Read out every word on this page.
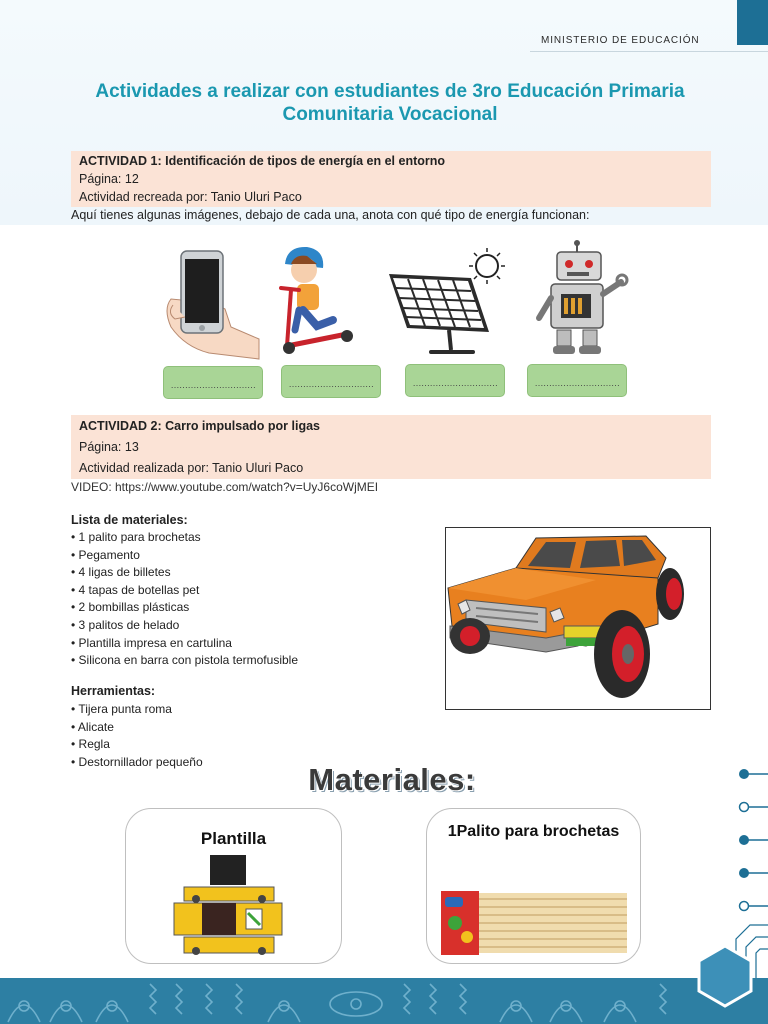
MINISTERIO DE EDUCACIÓN
Actividades a realizar con estudiantes de 3ro Educación Primaria Comunitaria Vocacional
ACTIVIDAD 1: Identificación de tipos de energía en el entorno
Página: 12
Actividad recreada por: Tanio Uluri Paco
Aquí tienes algunas imágenes, debajo de cada una, anota con qué tipo de energía funcionan:
…………………………	…………………………	…………………………	…………………………
ACTIVIDAD 2: Carro impulsado por ligas
Página: 13
Actividad realizada por: Tanio Uluri Paco
VIDEO: https://www.youtube.com/watch?v=UyJ6coWjMEI
Lista de materiales:
• 1 palito para brochetas
• Pegamento
• 4 ligas de billetes
• 4 tapas de botellas pet
• 2 bombillas plásticas
• 3 palitos de helado
• Plantilla impresa en cartulina
• Silicona en barra con pistola termofusible
Herramientas:
• Tijera punta roma
• Alicate
• Regla
• Destornillador pequeño
Materiales:
Plantilla	1Palito para brochetas
